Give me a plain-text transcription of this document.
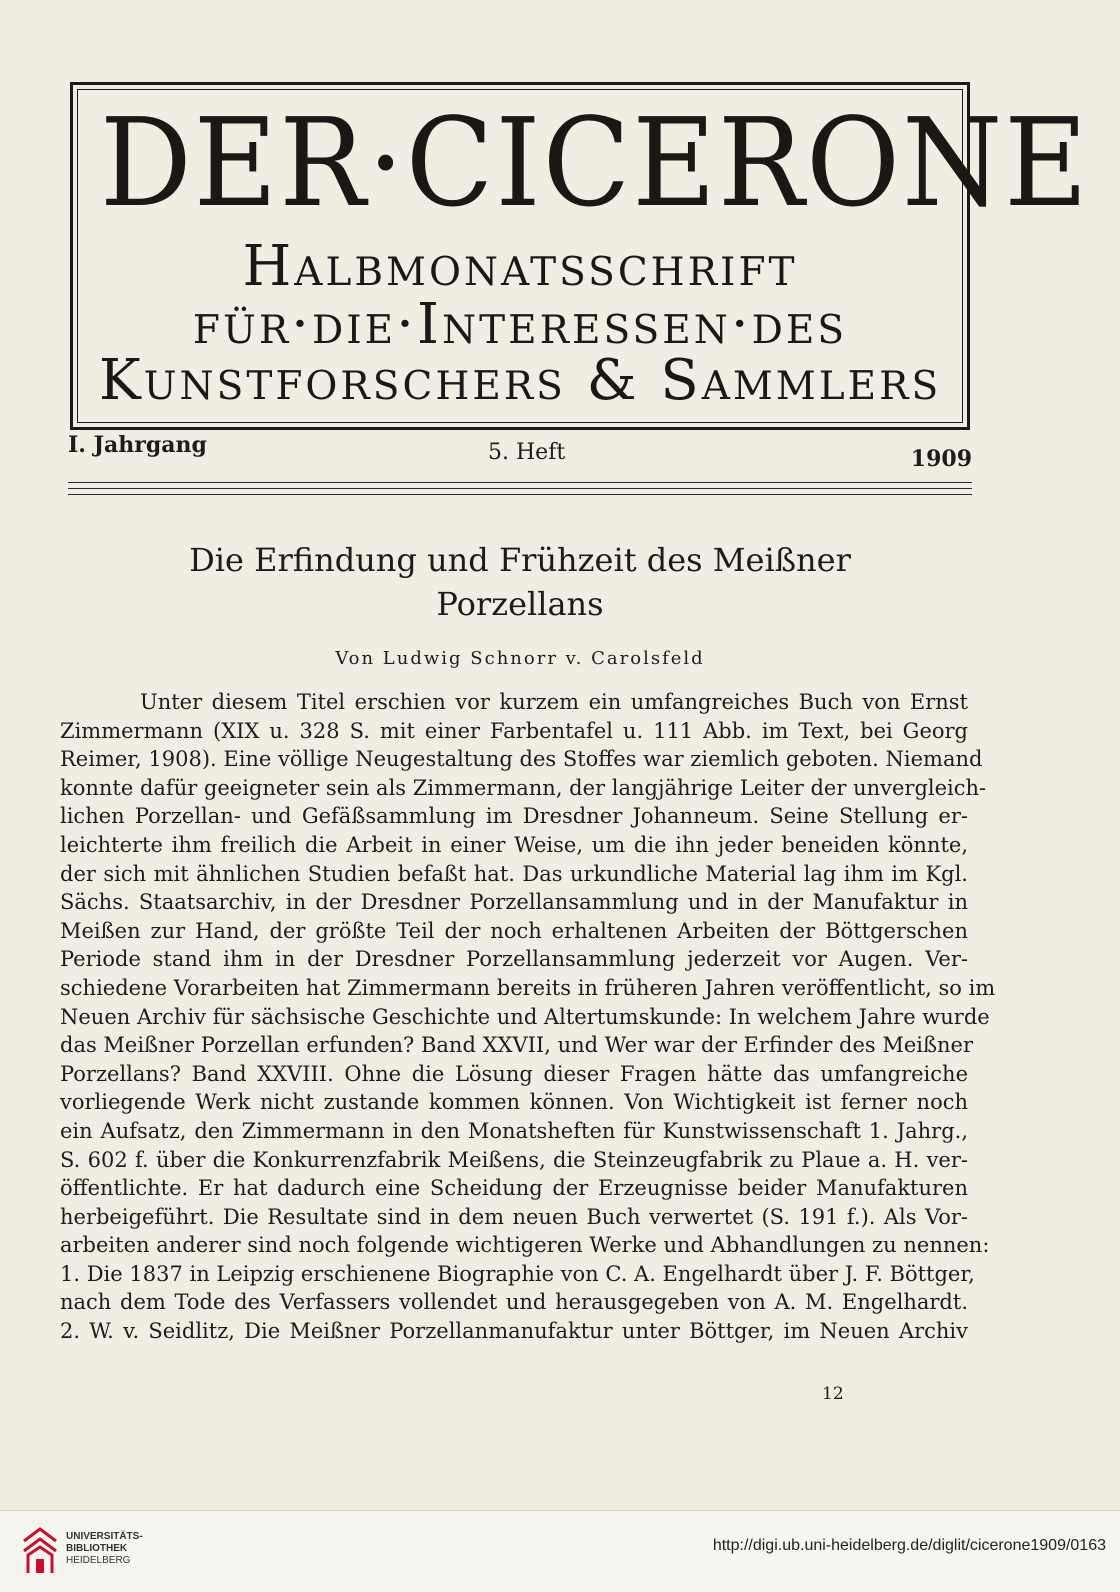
DER·CICERONE
Halbmonatsschrift
für·die·Interessen·des
Kunstforschers & Sammlers
I. Jahrgang	5. Heft	1909
Die Erfindung und Frühzeit des Meißner Porzellans
Von Ludwig Schnorr v. Carolsfeld
Unter diesem Titel erschien vor kurzem ein umfangreiches Buch von Ernst
Zimmermann (XIX u. 328 S. mit einer Farbentafel u. 111 Abb. im Text, bei Georg
Reimer, 1908). Eine völlige Neugestaltung des Stoffes war ziemlich geboten. Niemand
konnte dafür geeigneter sein als Zimmermann, der langjährige Leiter der unvergleich-
lichen Porzellan- und Gefäßsammlung im Dresdner Johanneum. Seine Stellung er-
leichterte ihm freilich die Arbeit in einer Weise, um die ihn jeder beneiden könnte,
der sich mit ähnlichen Studien befaßt hat. Das urkundliche Material lag ihm im Kgl.
Sächs. Staatsarchiv, in der Dresdner Porzellansammlung und in der Manufaktur in
Meißen zur Hand, der größte Teil der noch erhaltenen Arbeiten der Böttgerschen
Periode stand ihm in der Dresdner Porzellansammlung jederzeit vor Augen. Ver-
schiedene Vorarbeiten hat Zimmermann bereits in früheren Jahren veröffentlicht, so im
Neuen Archiv für sächsische Geschichte und Altertumskunde: In welchem Jahre wurde
das Meißner Porzellan erfunden? Band XXVII, und Wer war der Erfinder des Meißner
Porzellans? Band XXVIII. Ohne die Lösung dieser Fragen hätte das umfangreiche
vorliegende Werk nicht zustande kommen können. Von Wichtigkeit ist ferner noch
ein Aufsatz, den Zimmermann in den Monatsheften für Kunstwissenschaft 1. Jahrg.,
S. 602 f. über die Konkurrenzfabrik Meißens, die Steinzeugfabrik zu Plaue a. H. ver-
öffentlichte. Er hat dadurch eine Scheidung der Erzeugnisse beider Manufakturen
herbeigeführt. Die Resultate sind in dem neuen Buch verwertet (S. 191 f.). Als Vor-
arbeiten anderer sind noch folgende wichtigeren Werke und Abhandlungen zu nennen:
1. Die 1837 in Leipzig erschienene Biographie von C. A. Engelhardt über J. F. Böttger,
nach dem Tode des Verfassers vollendet und herausgegeben von A. M. Engelhardt.
2. W. v. Seidlitz, Die Meißner Porzellanmanufaktur unter Böttger, im Neuen Archiv
12
UNIVERSITÄTS-
BIBLIOTHEK
HEIDELBERG
http://digi.ub.uni-heidelberg.de/diglit/cicerone1909/0163
